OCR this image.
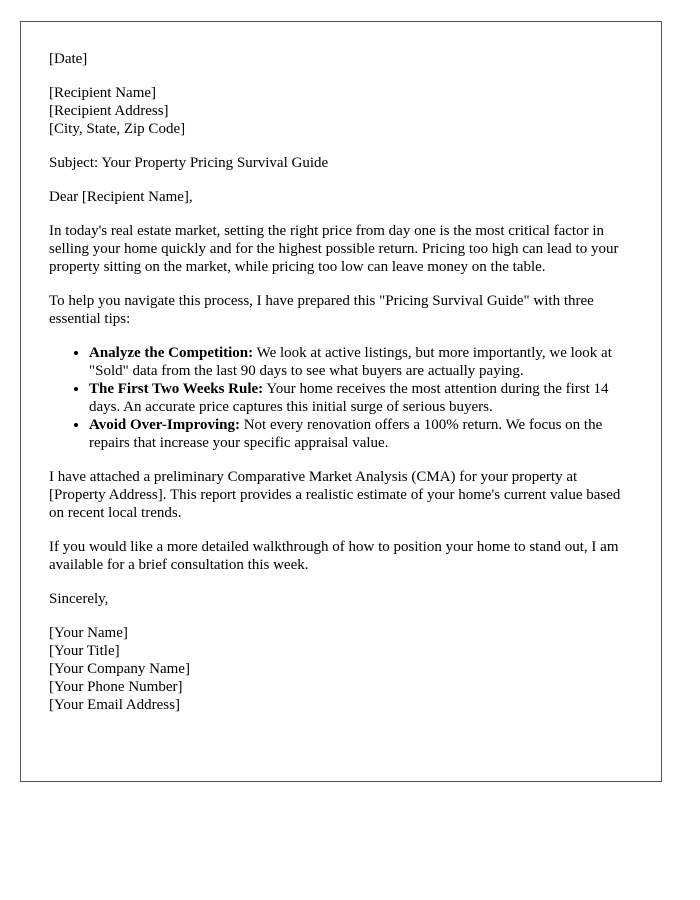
[Date]

[Recipient Name]
[Recipient Address]
[City, State, Zip Code]

Subject: Your Property Pricing Survival Guide

Dear [Recipient Name],

In today's real estate market, setting the right price from day one is the most critical factor in selling your home quickly and for the highest possible return. Pricing too high can lead to your property sitting on the market, while pricing too low can leave money on the table.

To help you navigate this process, I have prepared this "Pricing Survival Guide" with three essential tips:

• Analyze the Competition: We look at active listings, but more importantly, we look at "Sold" data from the last 90 days to see what buyers are actually paying.
• The First Two Weeks Rule: Your home receives the most attention during the first 14 days. An accurate price captures this initial surge of serious buyers.
• Avoid Over-Improving: Not every renovation offers a 100% return. We focus on the repairs that increase your specific appraisal value.

I have attached a preliminary Comparative Market Analysis (CMA) for your property at [Property Address]. This report provides a realistic estimate of your home's current value based on recent local trends.

If you would like a more detailed walkthrough of how to position your home to stand out, I am available for a brief consultation this week.

Sincerely,

[Your Name]
[Your Title]
[Your Company Name]
[Your Phone Number]
[Your Email Address]
